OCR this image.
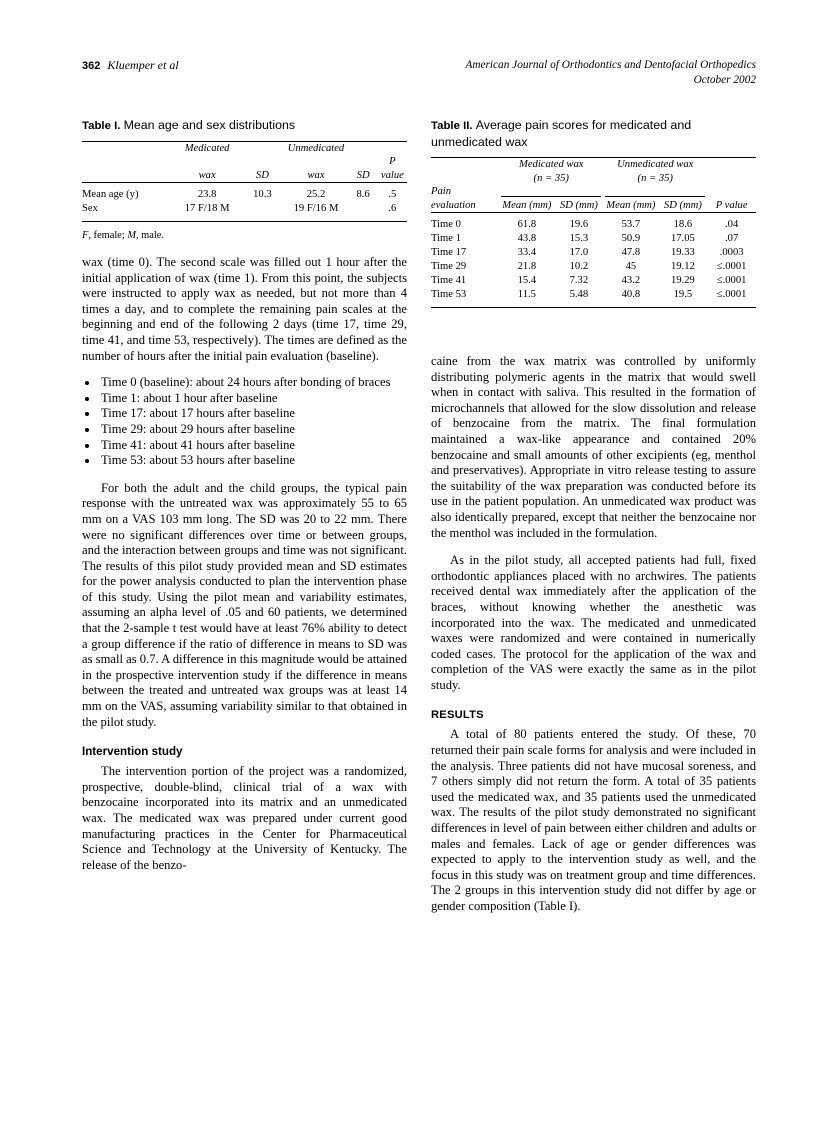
362 Kluemper et al	American Journal of Orthodontics and Dentofacial Orthopedics
October 2002
Table I. Mean age and sex distributions
	Medicated		Unmedicated		
	wax	SD	wax	SD	P value

Mean age (y)	23.8	10.3	25.2	8.6	.5
Sex	17 F/18 M		19 F/16 M		.6

F, female; M, male.

wax (time 0). The second scale was filled out 1 hour after the initial application of wax (time 1). From this point, the subjects were instructed to apply wax as needed, but not more than 4 times a day, and to complete the remaining pain scales at the beginning and end of the following 2 days (time 17, time 29, time 41, and time 53, respectively). The times are defined as the number of hours after the initial pain evaluation (baseline).

• Time 0 (baseline): about 24 hours after bonding of braces
• Time 1: about 1 hour after baseline
• Time 17: about 17 hours after baseline
• Time 29: about 29 hours after baseline
• Time 41: about 41 hours after baseline
• Time 53: about 53 hours after baseline

For both the adult and the child groups, the typical pain response with the untreated wax was approximately 55 to 65 mm on a VAS 103 mm long. The SD was 20 to 22 mm. There were no significant differences over time or between groups, and the interaction between groups and time was not significant. The results of this pilot study provided mean and SD estimates for the power analysis conducted to plan the intervention phase of this study. Using the pilot mean and variability estimates, assuming an alpha level of .05 and 60 patients, we determined that the 2-sample t test would have at least 76% ability to detect a group difference if the ratio of difference in means to SD was as small as 0.7. A difference in this magnitude would be attained in the prospective intervention study if the difference in means between the treated and untreated wax groups was at least 14 mm on the VAS, assuming variability similar to that obtained in the pilot study.

Intervention study

The intervention portion of the project was a randomized, prospective, double-blind, clinical trial of a wax with benzocaine incorporated into its matrix and an unmedicated wax. The medicated wax was prepared under current good manufacturing practices in the Center for Pharmaceutical Science and Technology at the University of Kentucky. The release of the benzo-

Table II. Average pain scores for medicated and unmedicated wax
	Medicated wax		Unmedicated wax		
	(n = 35)		(n = 35)		
Pain			

evaluation	Mean (mm)	SD (mm)	Mean (mm)	SD (mm)	P value

Time 0	61.8	19.6	53.7	18.6	.04
Time 1	43.8	15.3	50.9	17.05	.07
Time 17	33.4	17.0	47.8	19.33	.0003
Time 29	21.8	10.2	45	19.12	≤.0001
Time 41	15.4	7.32	43.2	19.29	≤.0001
Time 53	11.5	5.48	40.8	19.5	≤.0001

caine from the wax matrix was controlled by uniformly distributing polymeric agents in the matrix that would swell when in contact with saliva. This resulted in the formation of microchannels that allowed for the slow dissolution and release of benzocaine from the matrix. The final formulation maintained a wax-like appearance and contained 20% benzocaine and small amounts of other excipients (eg, menthol and preservatives). Appropriate in vitro release testing to assure the suitability of the wax preparation was conducted before its use in the patient population. An unmedicated wax product was also identically prepared, except that neither the benzocaine nor the menthol was included in the formulation.

As in the pilot study, all accepted patients had full, fixed orthodontic appliances placed with no archwires. The patients received dental wax immediately after the application of the braces, without knowing whether the anesthetic was incorporated into the wax. The medicated and unmedicated waxes were randomized and were contained in numerically coded cases. The protocol for the application of the wax and completion of the VAS were exactly the same as in the pilot study.

RESULTS

A total of 80 patients entered the study. Of these, 70 returned their pain scale forms for analysis and were included in the analysis. Three patients did not have mucosal soreness, and 7 others simply did not return the form. A total of 35 patients used the medicated wax, and 35 patients used the unmedicated wax. The results of the pilot study demonstrated no significant differences in level of pain between either children and adults or males and females. Lack of age or gender differences was expected to apply to the intervention study as well, and the focus in this study was on treatment group and time differences. The 2 groups in this intervention study did not differ by age or gender composition (Table I).
